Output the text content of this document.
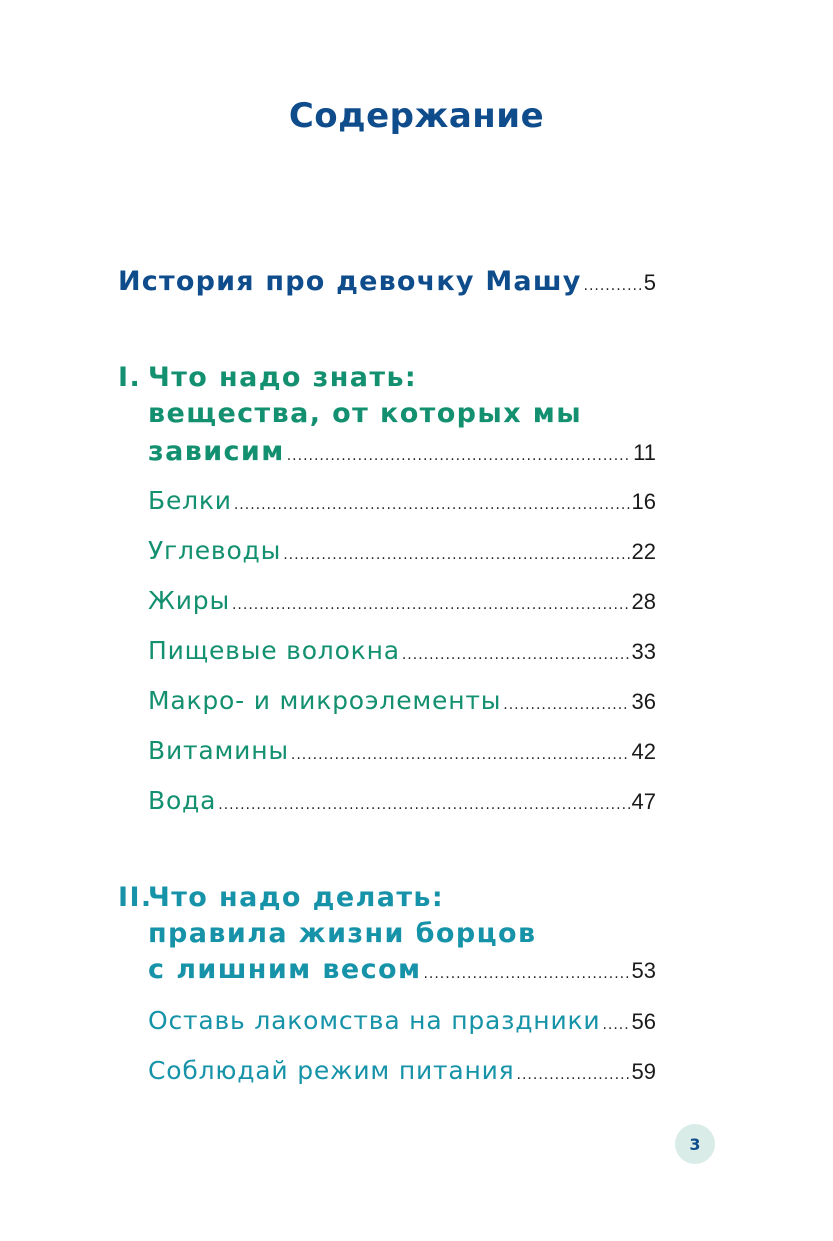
Содержание
История про девочку Машу .....	5
I. Что надо знать:
вещества, от которых мы
зависим .....	11
Белки .....	16
Углеводы .....	22
Жиры .....	28
Пищевые волокна .....	33
Макро- и микроэлементы .....	36
Витамины .....	42
Вода .....	47
II.
Что надо делать:
правила жизни борцов
с лишним весом .....	53
Оставь лакомства на праздники ..... 56
Соблюдай режим питания .....	59
3
